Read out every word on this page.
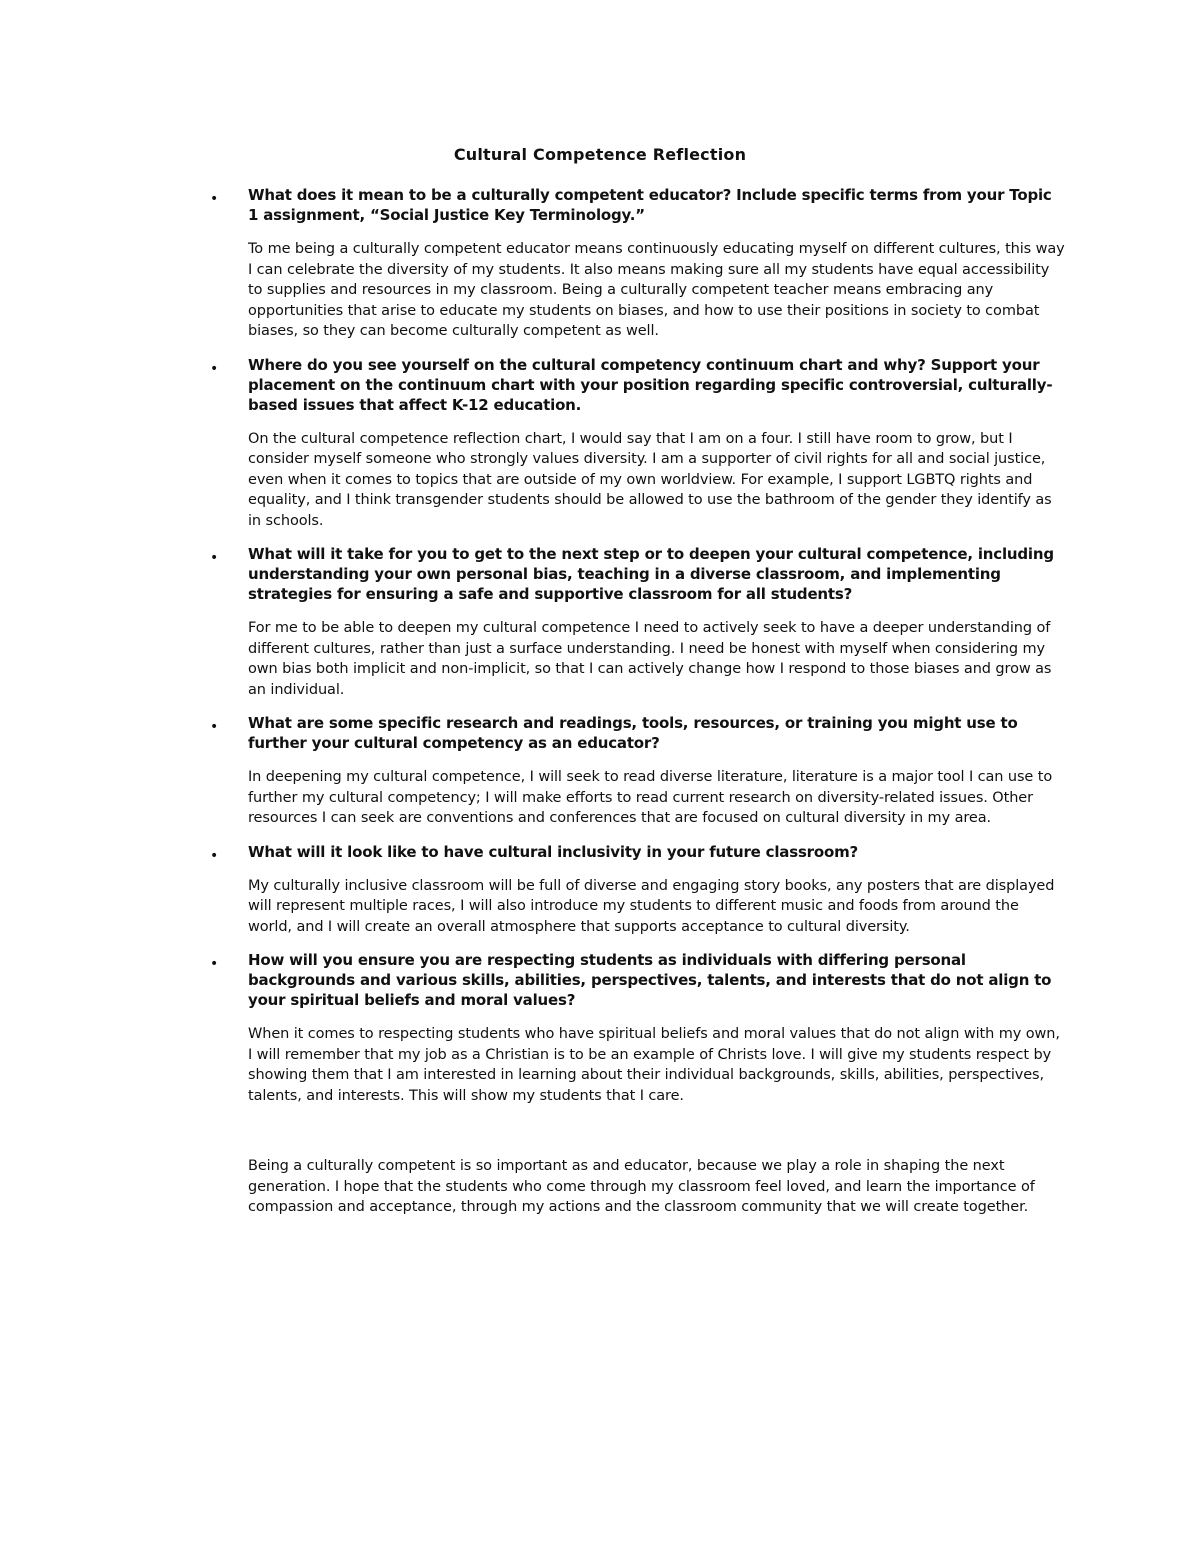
Cultural Competence Reflection
• What does it mean to be a culturally competent educator? Include specific terms from your Topic 1 assignment, “Social Justice Key Terminology.”

To me being a culturally competent educator means continuously educating myself on different cultures, this way I can celebrate the diversity of my students. It also means making sure all my students have equal accessibility to supplies and resources in my classroom. Being a culturally competent teacher means embracing any opportunities that arise to educate my students on biases, and how to use their positions in society to combat biases, so they can become culturally competent as well.

• Where do you see yourself on the cultural competency continuum chart and why? Support your placement on the continuum chart with your position regarding specific controversial, culturally-based issues that affect K-12 education.

On the cultural competence reflection chart, I would say that I am on a four. I still have room to grow, but I consider myself someone who strongly values diversity. I am a supporter of civil rights for all and social justice, even when it comes to topics that are outside of my own worldview. For example, I support LGBTQ rights and equality, and I think transgender students should be allowed to use the bathroom of the gender they identify as in schools.

• What will it take for you to get to the next step or to deepen your cultural competence, including understanding your own personal bias, teaching in a diverse classroom, and implementing strategies for ensuring a safe and supportive classroom for all students?

For me to be able to deepen my cultural competence I need to actively seek to have a deeper understanding of different cultures, rather than just a surface understanding. I need be honest with myself when considering my own bias both implicit and non-implicit, so that I can actively change how I respond to those biases and grow as an individual.

• What are some specific research and readings, tools, resources, or training you might use to further your cultural competency as an educator?

In deepening my cultural competence, I will seek to read diverse literature, literature is a major tool I can use to further my cultural competency; I will make efforts to read current research on diversity-related issues. Other resources I can seek are conventions and conferences that are focused on cultural diversity in my area.

• What will it look like to have cultural inclusivity in your future classroom?

My culturally inclusive classroom will be full of diverse and engaging story books, any posters that are displayed will represent multiple races, I will also introduce my students to different music and foods from around the world, and I will create an overall atmosphere that supports acceptance to cultural diversity.

• How will you ensure you are respecting students as individuals with differing personal backgrounds and various skills, abilities, perspectives, talents, and interests that do not align to your spiritual beliefs and moral values?

When it comes to respecting students who have spiritual beliefs and moral values that do not align with my own, I will remember that my job as a Christian is to be an example of Christs love. I will give my students respect by showing them that I am interested in learning about their individual backgrounds, skills, abilities, perspectives, talents, and interests. This will show my students that I care.

Being a culturally competent is so important as and educator, because we play a role in shaping the next generation. I hope that the students who come through my classroom feel loved, and learn the importance of compassion and acceptance, through my actions and the classroom community that we will create together.
